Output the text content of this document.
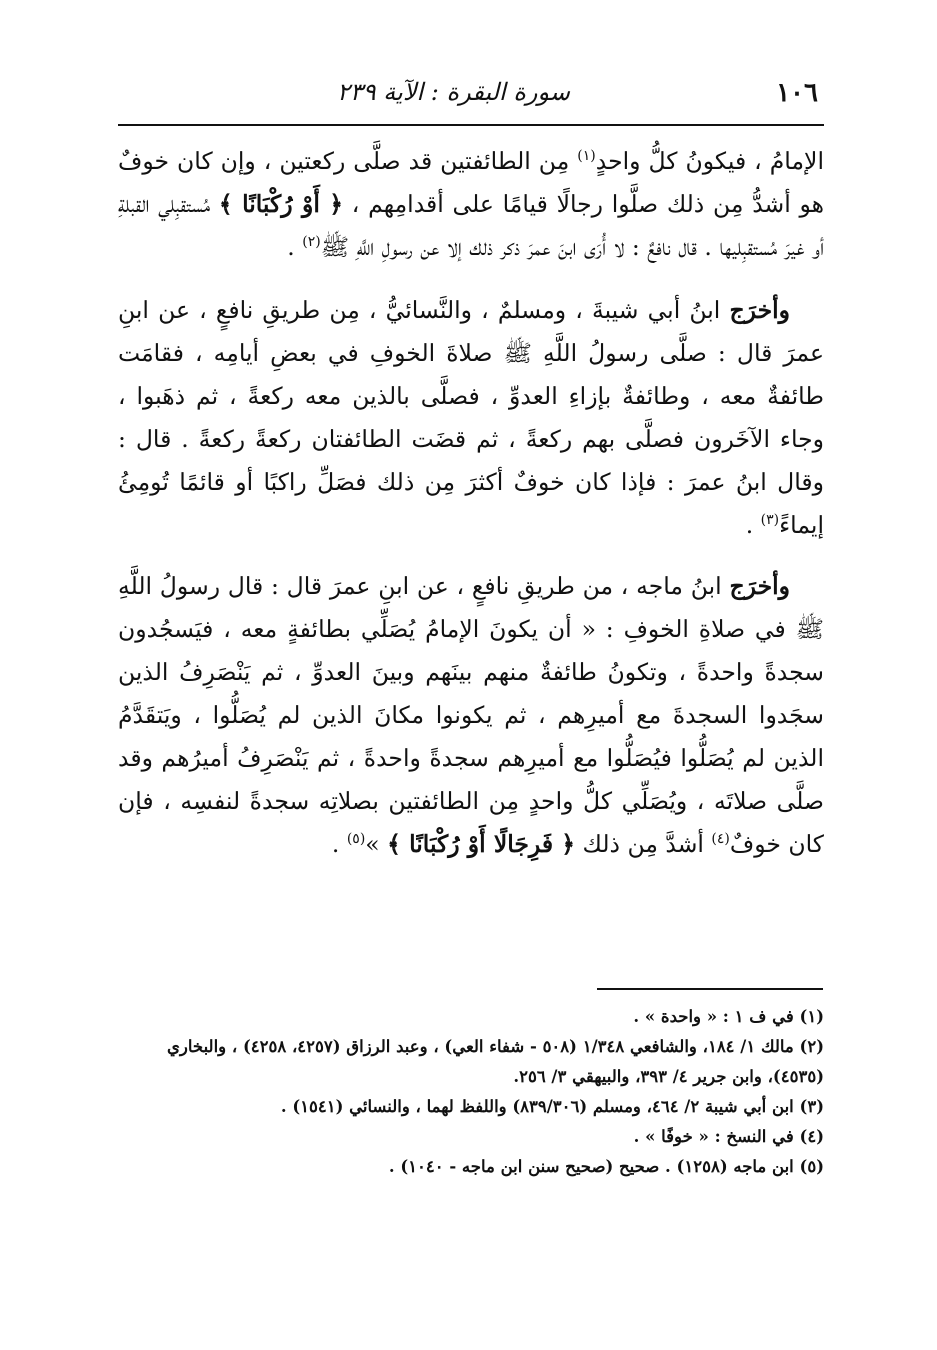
١٠٦
سورة البقرة : الآية ٢٣٩

الإمامُ ، فيكونُ كلُّ واحدٍ$^{(١)}$ مِن الطائفتين قد صلَّى ركعتين ، وإن كان خوفٌ هو أشدُّ مِن ذلك صلَّوا رجالًا قيامًا على أقدامِهم ، ﴿ أَوْ رُكْبَانًا ﴾ مُستقبِلي القبلةِ أو غيرَ مُستقبِليها . قال نافعٌ : لا أُرَى ابنَ عمرَ ذكر ذلك إلا عن رسولِ اللَّهِ ﷺ$^{(٢)}$ .

وأخرَج ابنُ أبي شيبةَ ، ومسلمٌ ، والنَّسائيُّ ، مِن طريقِ نافعٍ ، عن ابنِ عمرَ قال : صلَّى رسولُ اللَّهِ ﷺ صلاةَ الخوفِ في بعضِ أيامِه ، فقامَت طائفةٌ معه ، وطائفةٌ بإزاءِ العدوِّ ، فصلَّى بالذين معه ركعةً ، ثم ذهَبوا ، وجاء الآخَرون فصلَّى بهم ركعةً ، ثم قضَت الطائفتان ركعةً ركعةً . قال : وقال ابنُ عمرَ : فإذا كان خوفٌ أكثرَ مِن ذلك فصَلِّ راكبًا أو قائمًا تُومِئُ إيماءً$^{(٣)}$ .

وأخرَج ابنُ ماجه ، من طريقِ نافعٍ ، عن ابنِ عمرَ قال : قال رسولُ اللَّهِ ﷺ في صلاةِ الخوفِ : « أن يكونَ الإمامُ يُصَلِّي بطائفةٍ معه ، فيَسجُدون سجدةً واحدةً ، وتكونُ طائفةٌ منهم بينَهم وبينَ العدوِّ ، ثم يَنْصَرِفُ الذين سجَدوا السجدةَ مع أميرِهم ، ثم يكونوا مكانَ الذين لم يُصَلُّوا ، ويَتقَدَّمُ الذين لم يُصَلُّوا فيُصَلُّوا مع أميرِهم سجدةً واحدةً ، ثم يَنْصَرِفُ أميرُهم وقد صلَّى صلاتَه ، ويُصَلِّي كلُّ واحدٍ مِن الطائفتين بصلاتِه سجدةً لنفسِه ، فإن كان خوفٌ$^{(٤)}$ أشدَّ مِن ذلك ﴿ فَرِجَالًا أَوْ رُكْبَانًا ﴾ »$^{(٥)}$ .

(١) في ف ١ : « واحدة » .

(٢) مالك ١/ ١٨٤، والشافعي ١/٣٤٨ (٥٠٨ - شفاء العي) ، وعبد الرزاق (٤٢٥٧، ٤٢٥٨) ، والبخاري (٤٥٣٥)، وابن جرير ٤/ ٣٩٣، والبيهقي ٣/ ٢٥٦.

(٣) ابن أبي شيبة ٢/ ٤٦٤، ومسلم (٨٣٩/٣٠٦) واللفظ لهما ، والنسائي (١٥٤١) .

(٤) في النسخ : « خوفًا » .

(٥) ابن ماجه (١٢٥٨) . صحيح (صحيح سنن ابن ماجه - ١٠٤٠) .
